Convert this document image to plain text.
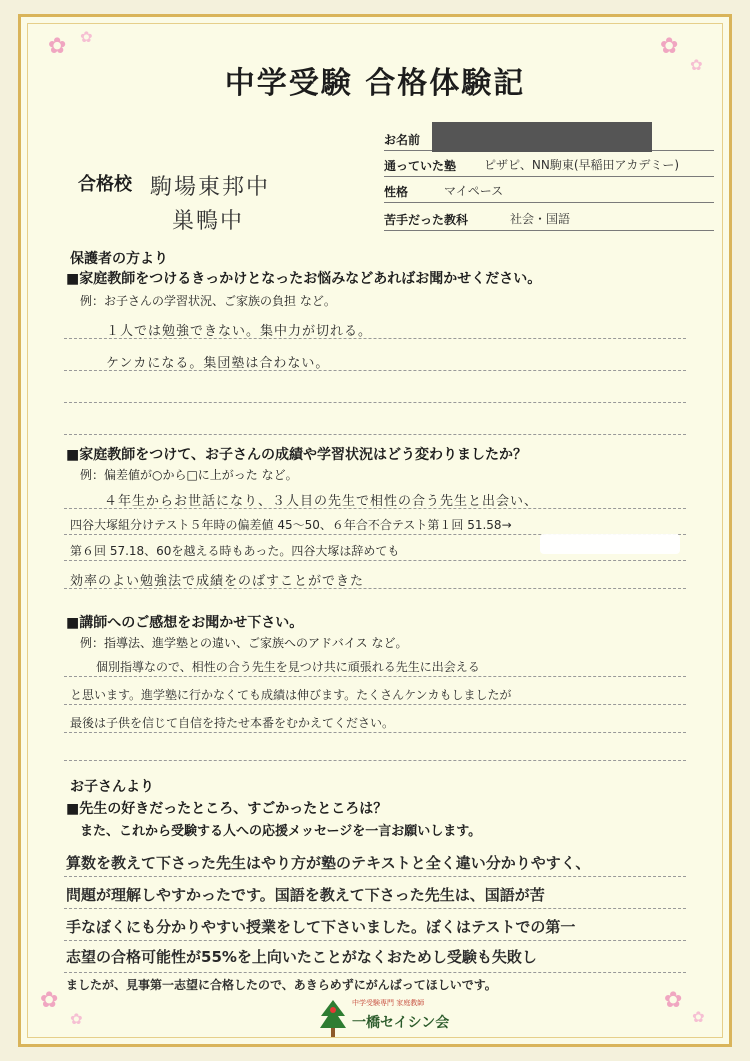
✿ ✿	✿
✿
✿
✿
✿
✿
中学受験 合格体験記
合格校 駒場東邦中
巣鴨中
お名前
通っていた塾 ピザピ、NN駒東(早稲田アカデミー)
性格	マイペース
苦手だった教科	社会・国語
保護者の方より
■家庭教師をつけるきっかけとなったお悩みなどあればお聞かせください。
例：お子さんの学習状況、ご家族の負担 など。
１人では勉強できない。集中力が切れる。
ケンカになる。集団塾は合わない。
■家庭教師をつけて、お子さんの成績や学習状況はどう変わりましたか？
例：偏差値が○から□に上がった など。
４年生からお世話になり、３人目の先生で相性の合う先生と出会い、
四谷大塚組分けテスト５年時の偏差値 45〜50、６年合不合テスト第１回 51.58→
第６回 57.18、60を越える時もあった。四谷大塚は辞めても
効率のよい勉強法で成績をのばすことができた
■講師へのご感想をお聞かせ下さい。
例：指導法、進学塾との違い、ご家族へのアドバイス など。
個別指導なので、相性の合う先生を見つけ共に頑張れる先生に出会える
と思います。進学塾に行かなくても成績は伸びます。たくさんケンカもしましたが
最後は子供を信じて自信を持たせ本番をむかえてください。
お子さんより
■先生の好きだったところ、すごかったところは？
また、これから受験する人への応援メッセージを一言お願いします。
算数を教えて下さった先生はやり方が塾のテキストと全く違い分かりやすく、
問題が理解しやすかったです。国語を教えて下さった先生は、国語が苦
手なぼくにも分かりやすい授業をして下さいました。ぼくはテストでの第一
志望の合格可能性が55%を上向いたことがなくおためし受験も失敗し
ましたが、見事第一志望に合格したので、あきらめずにがんばってほしいです。
中学受験専門 家庭教師
一橋セイシン会
